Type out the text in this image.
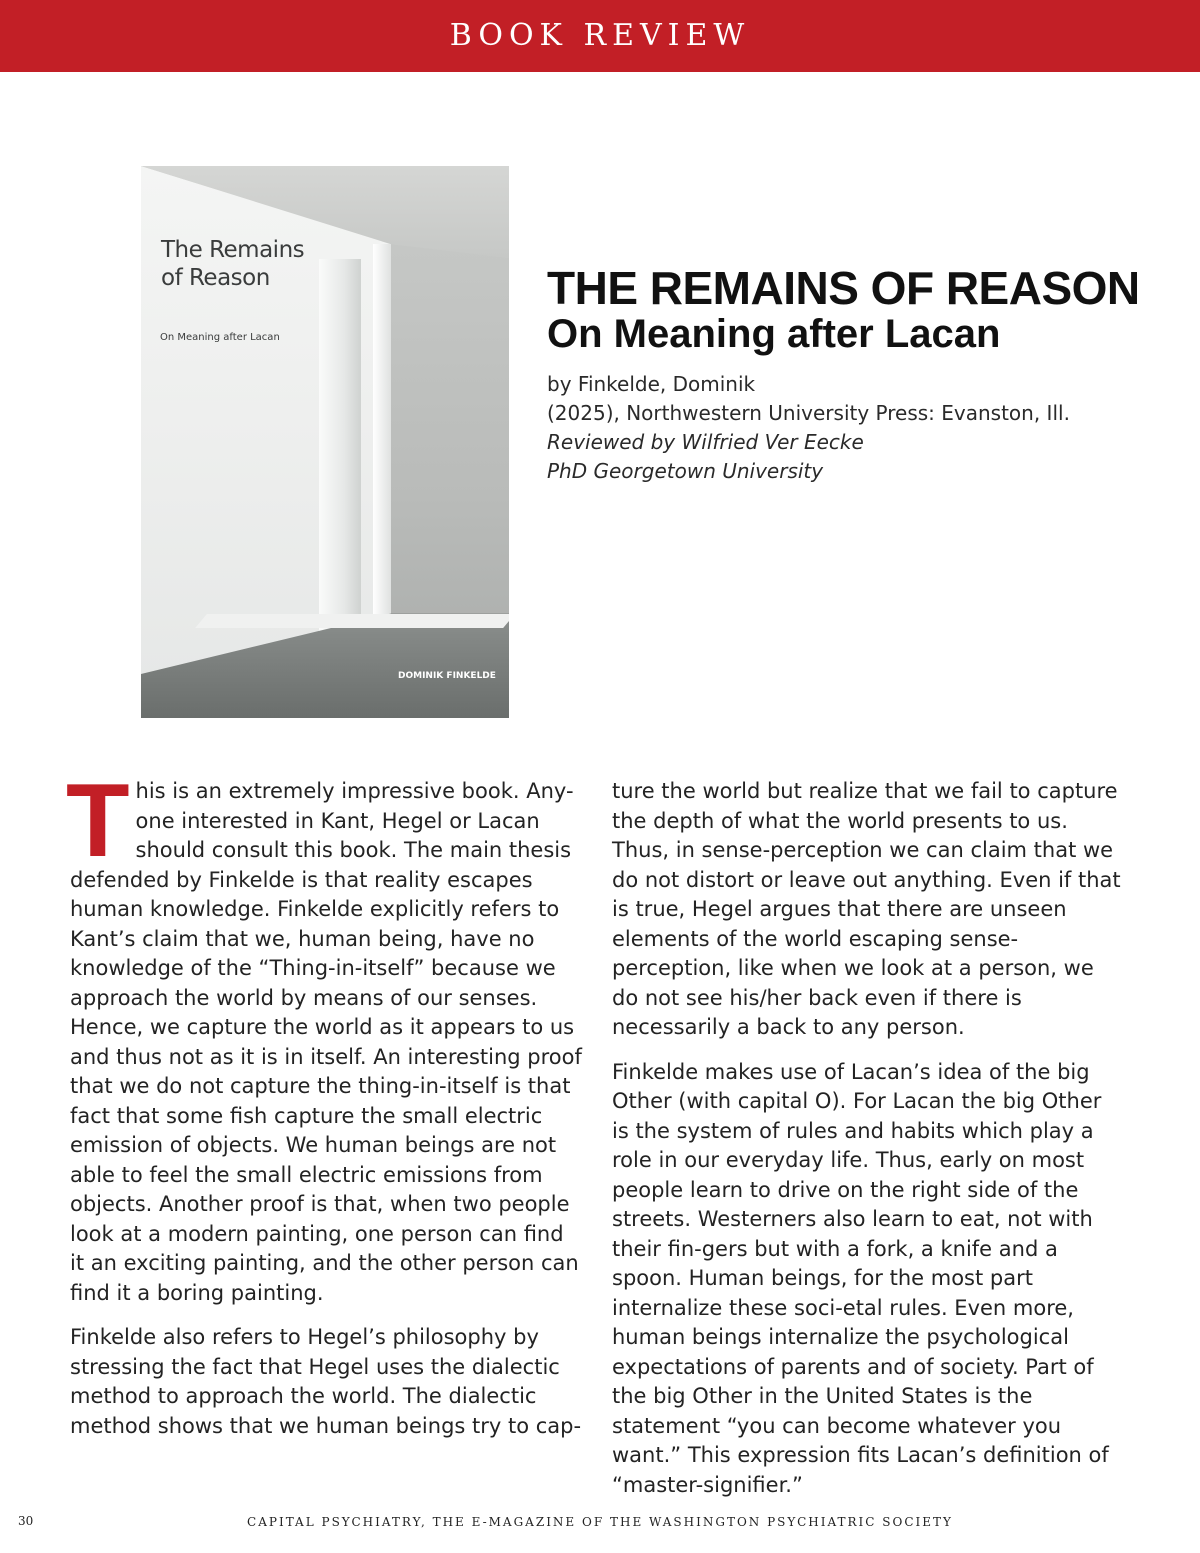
BOOK REVIEW
The Remains of Reason
On Meaning after Lacan
DOMINIK FINKELDE
THE REMAINS OF REASON
On Meaning after Lacan
by Finkelde, Dominik
(2025), Northwestern University Press: Evanston, Ill.
Reviewed by Wilfried Ver Eecke
PhD Georgetown University

This is an extremely impressive book. Any-one interested in Kant, Hegel or Lacan should consult this book. The main thesis defended by Finkelde is that reality escapes human knowledge. Finkelde explicitly refers to Kant’s claim that we, human being, have no knowledge of the “Thing-in-itself” because we approach the world by means of our senses. Hence, we capture the world as it appears to us and thus not as it is in itself. An interesting proof that we do not capture the thing-in-itself is that fact that some fish capture the small electric emission of objects. We human beings are not able to feel the small electric emissions from objects. Another proof is that, when two people look at a modern painting, one person can find it an exciting painting, and the other person can find it a boring painting.

Finkelde also refers to Hegel’s philosophy by stressing the fact that Hegel uses the dialectic method to approach the world. The dialectic method shows that we human beings try to cap-

ture the world but realize that we fail to capture the depth of what the world presents to us. Thus, in sense-perception we can claim that we do not distort or leave out anything. Even if that is true, Hegel argues that there are unseen elements of the world escaping sense-perception, like when we look at a person, we do not see his/her back even if there is necessarily a back to any person.

Finkelde makes use of Lacan’s idea of the big Other (with capital O). For Lacan the big Other is the system of rules and habits which play a role in our everyday life. Thus, early on most people learn to drive on the right side of the streets. Westerners also learn to eat, not with their fin-gers but with a fork, a knife and a spoon. Human beings, for the most part internalize these soci-etal rules. Even more, human beings internalize the psychological expectations of parents and of society. Part of the big Other in the United States is the statement “you can become whatever you want.” This expression fits Lacan’s definition of “master-signifier.”

30	CAPITAL PSYCHIATRY, THE E-MAGAZINE OF THE WASHINGTON PSYCHIATRIC SOCIETY
